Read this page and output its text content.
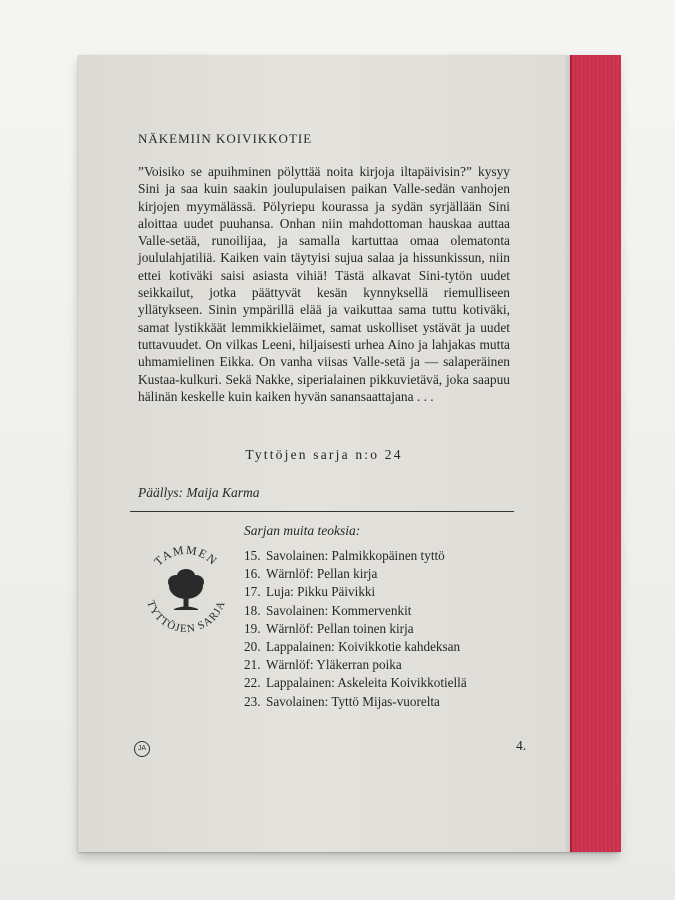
NÄKEMIIN KOIVIKKOTIE

”Voisiko se apuihminen pölyttää noita kirjoja iltapäivisin?” kysyy Sini ja saa kuin saakin joulupulaisen paikan Valle-sedän vanhojen kirjojen myymälässä. Pölyriepu kourassa ja sydän syrjällään Sini aloittaa uudet puuhansa. Onhan niin mahdottoman hauskaa auttaa Valle-setää, runoilijaa, ja samalla kartuttaa omaa olematonta joululahjatiliä. Kaiken vain täytyisi sujua salaa ja hissunkissun, niin ettei kotiväki saisi asiasta vihiä! Tästä alkavat Sini-tytön uudet seikkailut, jotka päättyvät kesän kynnyksellä riemulliseen yllätykseen. Sinin ympärillä elää ja vaikuttaa sama tuttu kotiväki, samat lystikkäät lemmikkieläimet, samat uskolliset ystävät ja uudet tuttavuudet. On vilkas Leeni, hiljaisesti urhea Aino ja lahjakas mutta uhmamielinen Eikka. On vanha viisas Valle-setä ja — salaperäinen Kustaa-kulkuri. Sekä Nakke, siperialainen pikkuvietävä, joka saapuu hälinän keskelle kuin kaiken hyvän sanansaattajana . . .

Tyttöjen sarja n:o 24
Päällys: Maija Karma
TAMMEN
TYTTÖJEN SARJA
Sarjan muita teoksia:
15. Savolainen: Palmikkopäinen tyttö
16. Wärnlöf: Pellan kirja
17. Luja: Pikku Päivikki
18. Savolainen: Kommervenkit
19. Wärnlöf: Pellan toinen kirja
20. Lappalainen: Koivikkotie kahdeksan
21. Wärnlöf: Yläkerran poika
22. Lappalainen: Askeleita Koivikkotiellä
23. Savolainen: Tyttö Mijas-vuorelta
JA	4.
